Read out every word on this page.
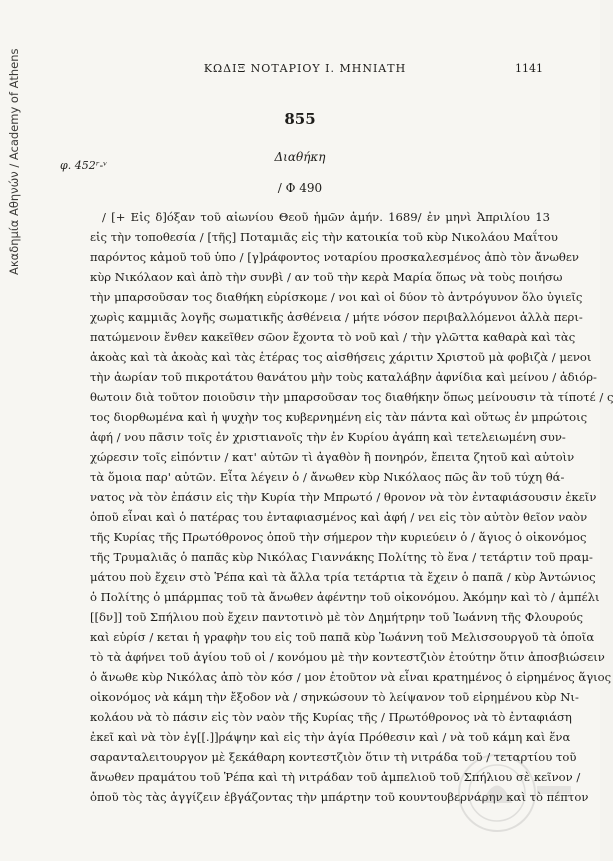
Ακαδημία Αθηνών / Academy of Athens	ΚΩΔΙΞ ΝΟΤΑΡΙΟΥ Ι. ΜΗΝΙΑΤΗ	1141
855
Διαθήκη
φ. 452ʳ-ᵛ
/ Φ 490
/ [+ Εἰς δ]όξαν τοῦ αἰωνίου Θεοῦ ἡμῶν ἀμήν. 1689/ ἐν μηνὶ Ἀπριλίου 13
εἰς τὴν τοποθεσία / [τῆς] Ποταμιᾶς εἰς τὴν κατοικία τοῦ κὺρ Νικολάου Μαΐτου
παρόντος κἀμοῦ τοῦ ὑπο / [γ]ράφοντος νοταρίου προσκαλεσμένος ἀπὸ τὸν ἄνωθεν
κὺρ Νικόλαον καὶ ἀπὸ τὴν συνβὶ / αν τοῦ τὴν κερὰ Μαρία ὅπως νὰ τοὺς ποιήσω
τὴν μπαρσοῦσαν τος διαθήκη εὑρίσκομε / νοι καὶ οἱ δύον τὸ ἀντρόγυνον ὅλο ὑγιεῖς
χωρὶς καμμιᾶς λογῆς σωματικῆς ἀσθένεια / μήτε νόσον περιβαλλόμενοι ἀλλὰ περι-
πατώμενοιν ἔνθεν κακεῖθεν σῶον ἔχοντα τὸ νοῦ καὶ / τὴν γλῶττα καθαρὰ καὶ τὰς
ἀκοὰς καὶ τὰ ἀκοὰς καὶ τὰς ἑτέρας τος αἰσθήσεις χάριτιν Χριστοῦ μὰ φοβιζὰ / μενοι
τὴν ἀωρίαν τοῦ πικροτάτου θανάτου μὴν τοὺς καταλάβην ἀφνίδια καὶ μείνου / ἀδιόρ-
θωτοιν διὰ τοῦτον ποιοῦσιν τὴν μπαρσοῦσαν τος διαθήκην ὅπως μείνουσιν τὰ τίποτέ / ς
τος διορθωμένα καὶ ἡ ψυχὴν τος κυβερνημένη εἰς τὰν πάντα καὶ οὕτως ἐν μπρώτοις
ἀφή / νου πᾶσιν τοῖς ἐν χριστιανοῖς τὴν ἐν Κυρίου ἀγάπη καὶ τετελειωμένη συν-
χώρεσιν τοῖς εἰπόντιν / κατ' αὐτῶν τὶ ἀγαθὸν ἢ πονηρόν, ἔπειτα ζητοῦ καὶ αὐτοὶν
τὰ ὅμοια παρ' αὐτῶν. Εἶτα λέγειν ὁ / ἄνωθεν κὺρ Νικόλαος πῶς ἂν τοῦ τύχη θά-
νατος νὰ τὸν ἐπάσιν εἰς τὴν Κυρία τὴν Μπρωτό / θρονον νὰ τὸν ἐνταφιάσουσιν ἐκεῖν
ὁποῦ εἶναι καὶ ὁ πατέρας του ἐνταφιασμένος καὶ ἀφή / νει εἰς τὸν αὐτὸν θεῖον ναὸν
τῆς Κυρίας τῆς Πρωτόθρονος ὁποῦ τὴν σήμερον τὴν κυριεύειν ὁ / ἅγιος ὁ οἰκονόμος
τῆς Τρυμαλιᾶς ὁ παπᾶς κὺρ Νικόλας Γιαννάκης Πολίτης τὸ ἕνα / τετάρτιν τοῦ πραμ-
μάτου ποὺ ἔχειν στὸ Ῥέπα καὶ τὰ ἄλλα τρία τετάρτια τὰ ἔχειν ὁ παπᾶ / κὺρ Ἀντώνιος
ὁ Πολίτης ὁ μπάρμπας τοῦ τὰ ἄνωθεν ἀφέντην τοῦ οἰκονόμου. Ἀκόμην καὶ τὸ / ἀμπέλι
[[δν]] τοῦ Σπήλιου ποὺ ἔχειν παντοτινὸ μὲ τὸν Δημήτρην τοῦ Ἰωάννη τῆς Φλουρούς
καὶ εὐρίσ / κεται ἡ γραφὴν του εἰς τοῦ παπᾶ κὺρ Ἰωάννη τοῦ Μελισσουργοῦ τὰ ὁποῖα
τὸ τὰ ἀφήνει τοῦ ἁγίου τοῦ οἰ / κονόμου μὲ τὴν κοντεστζιὸν ἐτούτην ὅτιν ἀποσβιώσειν
ὁ ἄνωθε κὺρ Νικόλας ἀπὸ τὸν κόσ / μον ἐτοῦτον νὰ εἶναι κρατημένος ὁ εἰρημένος ἅγιος
οἰκονόμος νὰ κάμη τὴν ἔξοδον νὰ / σηνκώσουν τὸ λείψανον τοῦ εἰρημένου κὺρ Νι-
κολάου νὰ τὸ πάσιν εἰς τὸν ναὸν τῆς Κυρίας τῆς / Πρωτόθρονος νὰ τὸ ἐνταφιάση
ἐκεῖ καὶ νὰ τὸν ἐγ[[.]]ράψην καὶ εἰς τὴν ἁγία Πρόθεσιν καὶ / νὰ τοῦ κάμη καὶ ἕνα
σαρανταλειτουργον μὲ ξεκάθαρη κοντεστζιὸν ὅτιν τὴ νιτράδα τοῦ / τεταρτίου τοῦ
ἄνωθεν πραμάτου τοῦ Ῥέπα καὶ τὴ νιτράδαν τοῦ ἀμπελιοῦ τοῦ Σπήλιου σὲ κεῖνον /
ὁποῦ τὸς τὰς ἀγγίζειν ἐβγάζοντας τὴν μπάρτην τοῦ κουντουβερνάρην καὶ τὸ πέπτον
